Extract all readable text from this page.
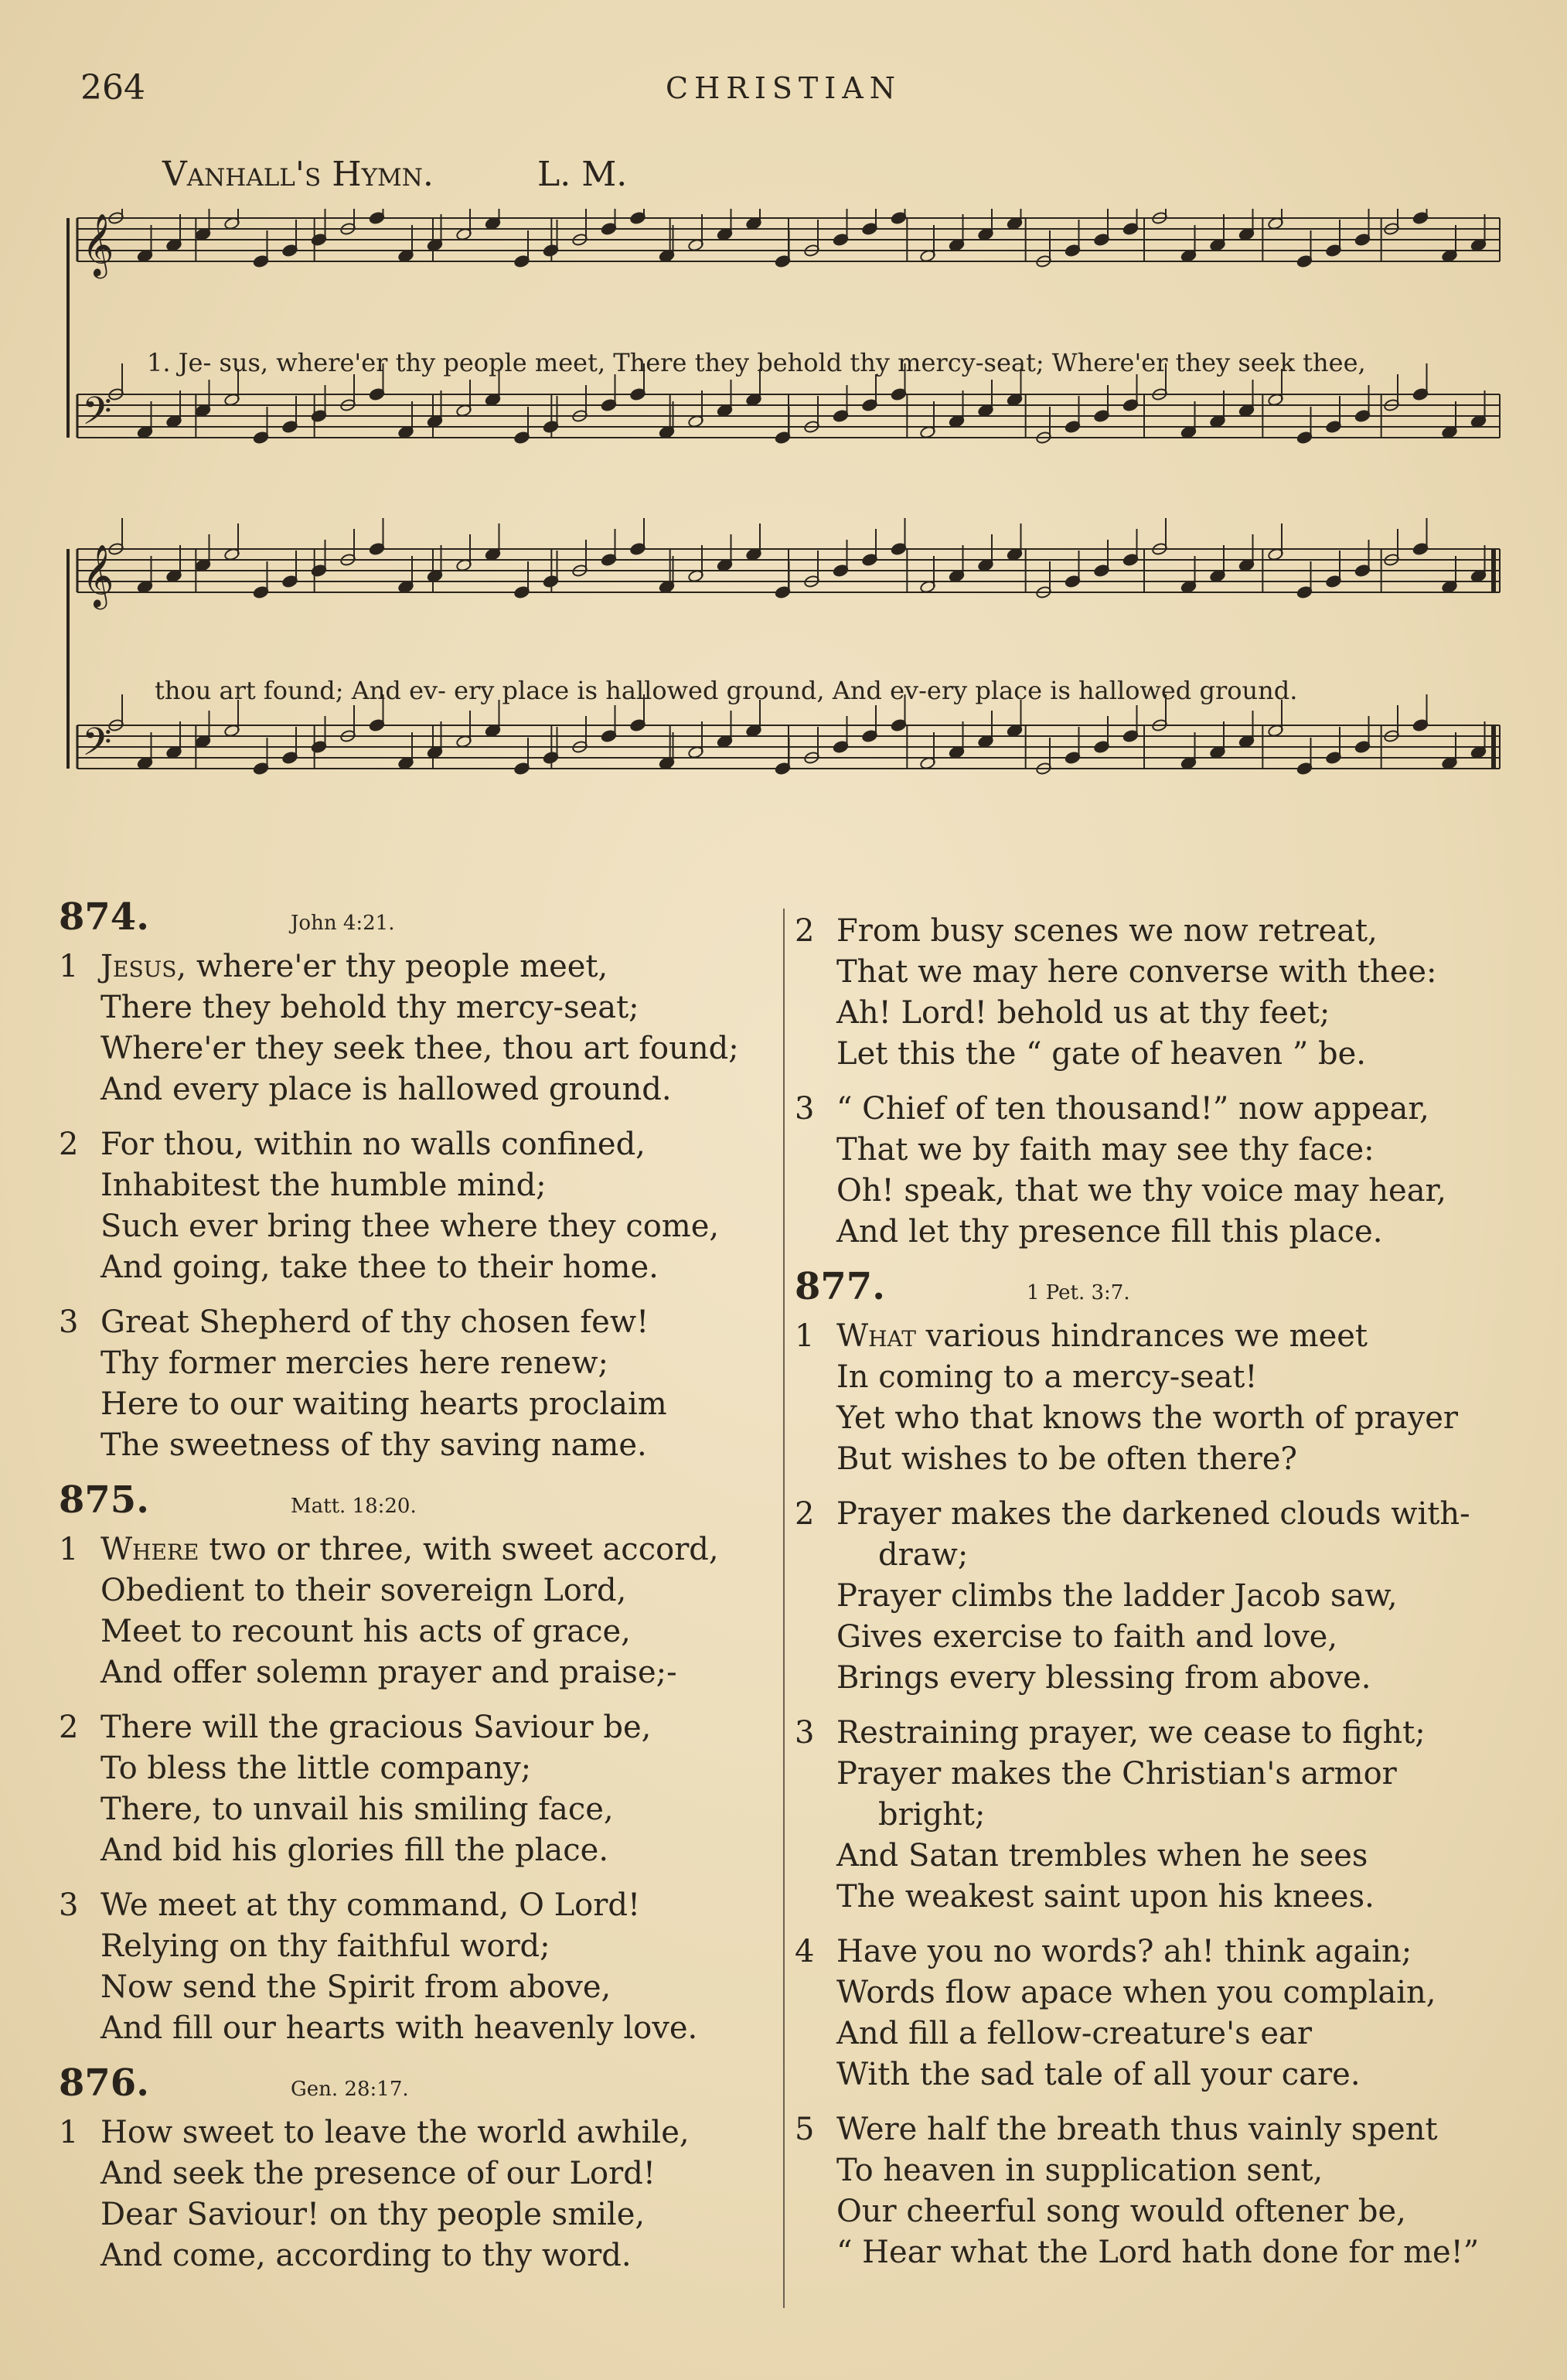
264	CHRISTIAN
Vanhall's Hymn.	L. M.
𝄞
𝄢
𝄞
𝄢
1. Je- sus, where'er thy people meet, There they behold thy mercy-seat; Where'er they seek thee,
thou art found; And ev- ery place is hallowed ground, And ev-ery place is hallowed ground.
874.	John 4:21.
1 Jesus, where'er thy people meet,
There they behold thy mercy-seat;
Where'er they seek thee, thou art found;
And every place is hallowed ground.
2 For thou, within no walls confined,
Inhabitest the humble mind;
Such ever bring thee where they come,
And going, take thee to their home.
3 Great Shepherd of thy chosen few!
Thy former mercies here renew;
Here to our waiting hearts proclaim
The sweetness of thy saving name.
875.	Matt. 18:20.
1 Where two or three, with sweet accord,
Obedient to their sovereign Lord,
Meet to recount his acts of grace,
And offer solemn prayer and praise;-
2 There will the gracious Saviour be,
To bless the little company;
There, to unvail his smiling face,
And bid his glories fill the place.
3 We meet at thy command, O Lord!
Relying on thy faithful word;
Now send the Spirit from above,
And fill our hearts with heavenly love.
876.	Gen. 28:17.
1 How sweet to leave the world awhile,
And seek the presence of our Lord!
Dear Saviour! on thy people smile,
And come, according to thy word.
2 From busy scenes we now retreat,
That we may here converse with thee:
Ah! Lord! behold us at thy feet;
Let this the “ gate of heaven ” be.
3 “ Chief of ten thousand!” now appear,
That we by faith may see thy face:
Oh! speak, that we thy voice may hear,
And let thy presence fill this place.
877.	1 Pet. 3:7.
1 What various hindrances we meet
In coming to a mercy-seat!
Yet who that knows the worth of prayer
But wishes to be often there?
2 Prayer makes the darkened clouds with-
draw;
Prayer climbs the ladder Jacob saw,
Gives exercise to faith and love,
Brings every blessing from above.
3 Restraining prayer, we cease to fight;
Prayer makes the Christian's armor
bright;
And Satan trembles when he sees
The weakest saint upon his knees.
4 Have you no words? ah! think again;
Words flow apace when you complain,
And fill a fellow-creature's ear
With the sad tale of all your care.
5 Were half the breath thus vainly spent
To heaven in supplication sent,
Our cheerful song would oftener be,
“ Hear what the Lord hath done for me!”
